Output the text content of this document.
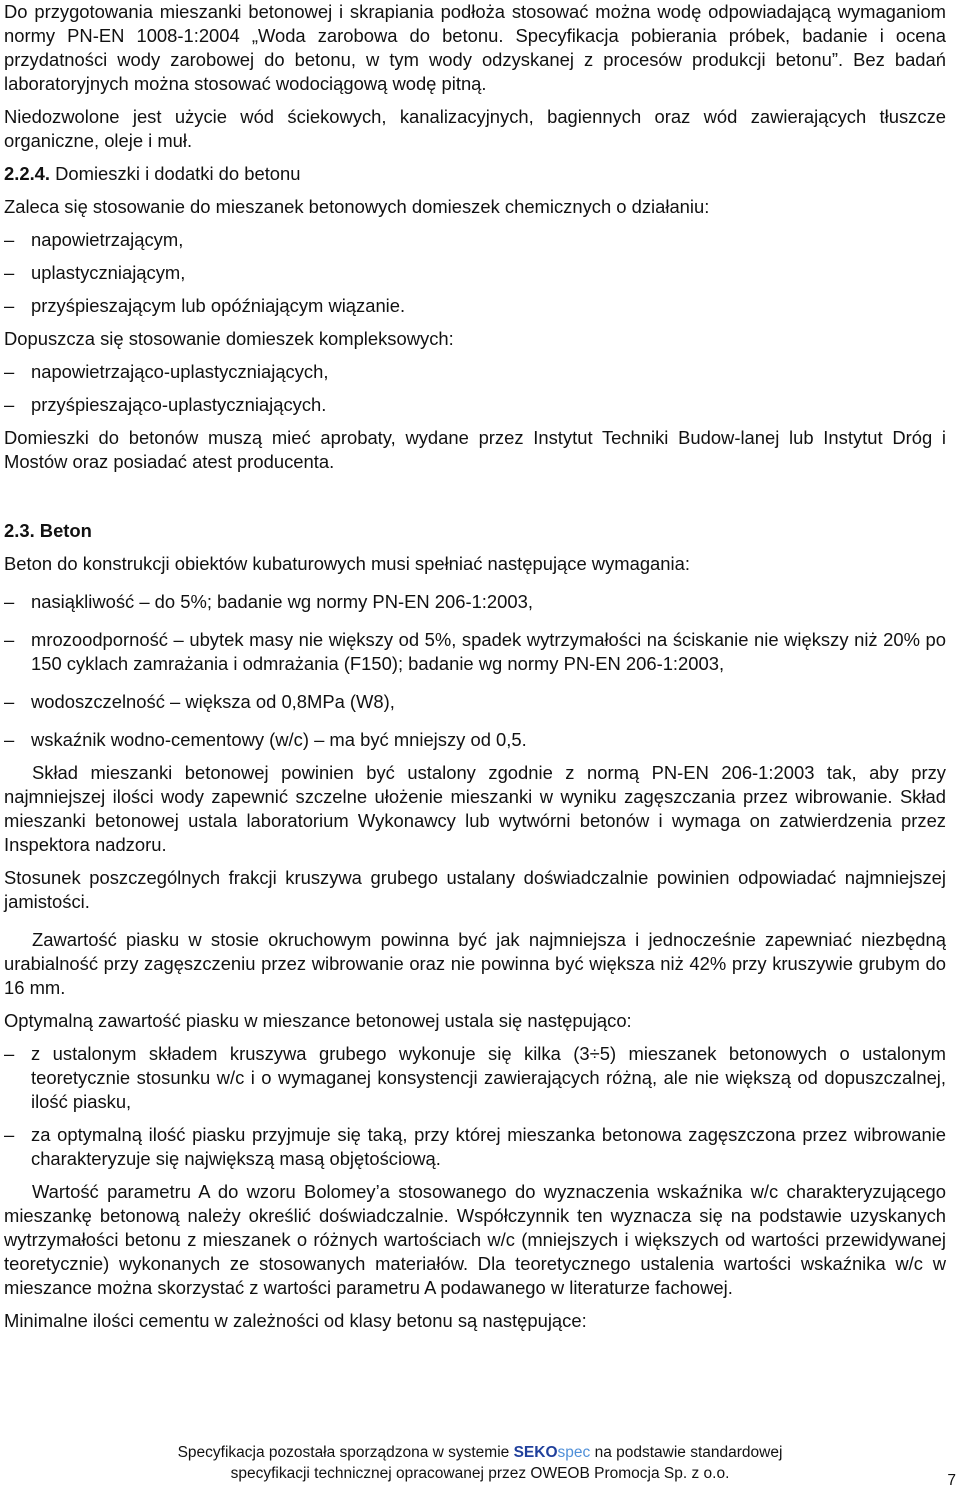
Do przygotowania mieszanki betonowej i skrapiania podłoża stosować można wodę odpowiadającą wymaganiom normy PN-EN 1008-1:2004 „Woda zarobowa do betonu. Specyfikacja pobierania próbek, badanie i ocena przydatności wody zarobowej do betonu, w tym wody odzyskanej z procesów produkcji betonu”. Bez badań laboratoryjnych można stosować wodociągową wodę pitną.

Niedozwolone jest użycie wód ściekowych, kanalizacyjnych, bagiennych oraz wód zawierających tłuszcze organiczne, oleje i muł.

2.2.4. Domieszki i dodatki do betonu

Zaleca się stosowanie do mieszanek betonowych domieszek chemicznych o działaniu:

– napowietrzającym,
– uplastyczniającym,
– przyśpieszającym lub opóźniającym wiązanie.

Dopuszcza się stosowanie domieszek kompleksowych:

– napowietrzająco-uplastyczniających,
– przyśpieszająco-uplastyczniających.

Domieszki do betonów muszą mieć aprobaty, wydane przez Instytut Techniki Budow-lanej lub Instytut Dróg i Mostów oraz posiadać atest producenta.

2.3. Beton

Beton do konstrukcji obiektów kubaturowych musi spełniać następujące wymagania:

– nasiąkliwość – do 5%; badanie wg normy PN-EN 206-1:2003,
– mrozoodporność – ubytek masy nie większy od 5%, spadek wytrzymałości na ściskanie nie większy niż 20% po 150 cyklach zamrażania i odmrażania (F150); badanie wg normy PN-EN 206-1:2003,
– wodoszczelność – większa od 0,8MPa (W8),
– wskaźnik wodno-cementowy (w/c) – ma być mniejszy od 0,5.

Skład mieszanki betonowej powinien być ustalony zgodnie z normą PN-EN 206-1:2003 tak, aby przy najmniejszej ilości wody zapewnić szczelne ułożenie mieszanki w wyniku zagęszczania przez wibrowanie. Skład mieszanki betonowej ustala laboratorium Wykonawcy lub wytwórni betonów i wymaga on zatwierdzenia przez Inspektora nadzoru.

Stosunek poszczególnych frakcji kruszywa grubego ustalany doświadczalnie powinien odpowiadać najmniejszej jamistości.

Zawartość piasku w stosie okruchowym powinna być jak najmniejsza i jednocześnie zapewniać niezbędną urabialność przy zagęszczeniu przez wibrowanie oraz nie powinna być większa niż 42% przy kruszywie grubym do 16 mm.

Optymalną zawartość piasku w mieszance betonowej ustala się następująco:

– z ustalonym składem kruszywa grubego wykonuje się kilka (3÷5) mieszanek betonowych o ustalonym teoretycznie stosunku w/c i o wymaganej konsystencji zawierających różną, ale nie większą od dopuszczalnej, ilość piasku,
– za optymalną ilość piasku przyjmuje się taką, przy której mieszanka betonowa zagęszczona przez wibrowanie charakteryzuje się największą masą objętościową.

Wartość parametru A do wzoru Bolomey’a stosowanego do wyznaczenia wskaźnika w/c charakteryzującego mieszankę betonową należy określić doświadczalnie. Współczynnik ten wyznacza się na podstawie uzyskanych wytrzymałości betonu z mieszanek o różnych wartościach w/c (mniejszych i większych od wartości przewidywanej teoretycznie) wykonanych ze stosowanych materiałów. Dla teoretycznego ustalenia wartości wskaźnika w/c w mieszance można skorzystać z wartości parametru A podawanego w literaturze fachowej.

Minimalne ilości cementu w zależności od klasy betonu są następujące:

Specyfikacja pozostała sporządzona w systemie SEKOspec na podstawie standardowej
specyfikacji technicznej opracowanej przez OWEOB Promocja Sp. z o.o.	7
